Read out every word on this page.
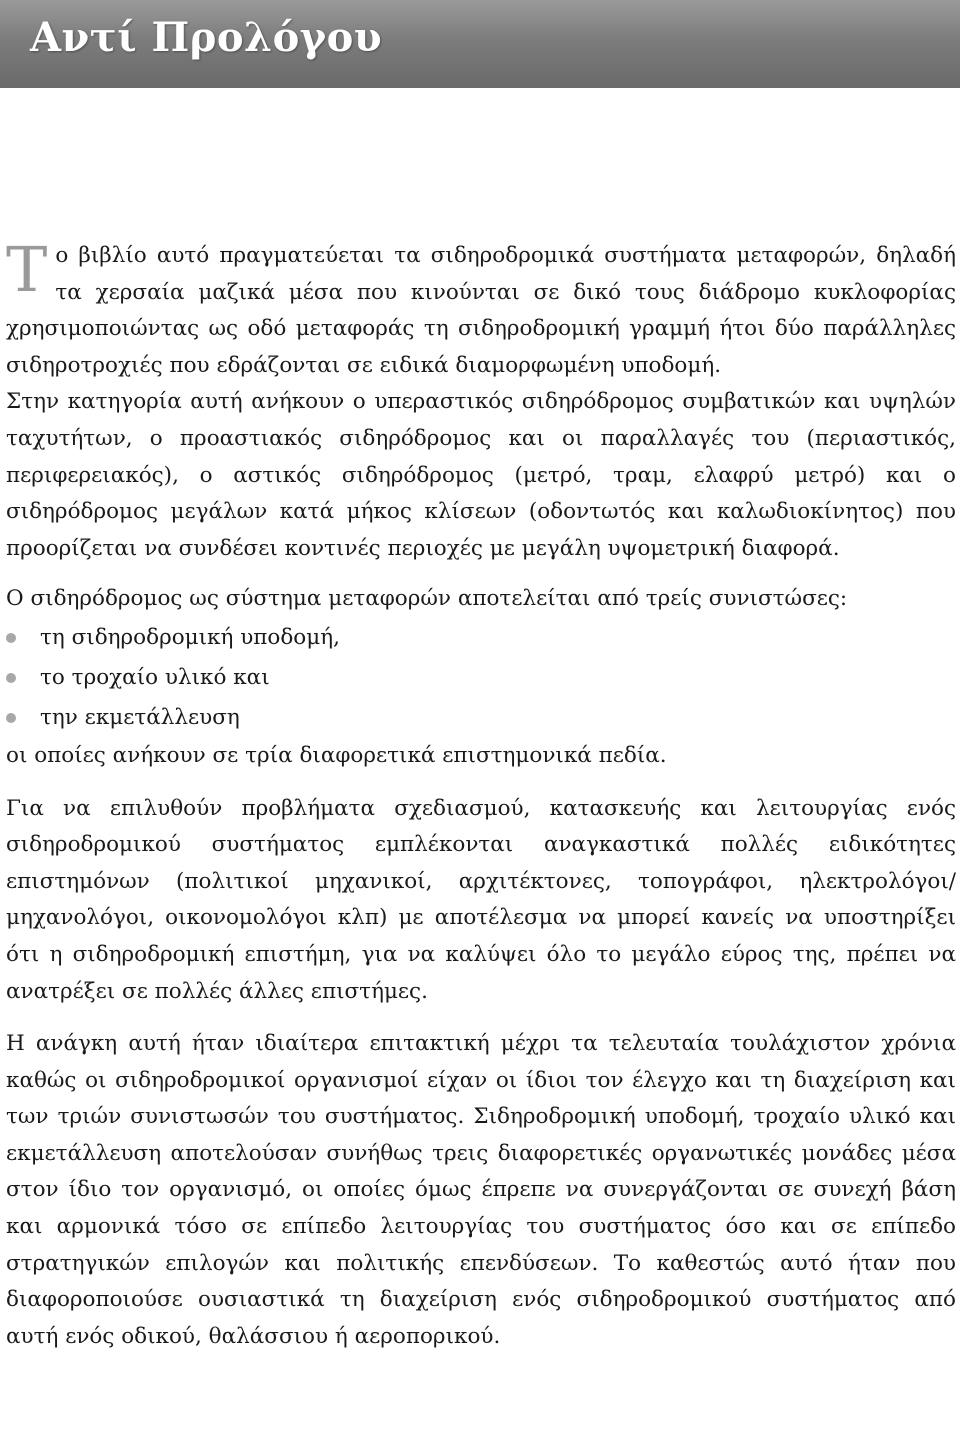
Αντί Προλόγου

Το βιβλίο αυτό πραγματεύεται τα σιδηροδρομικά συστήματα μεταφορών, δηλαδή τα χερσαία μαζικά μέσα που κινούνται σε δικό τους διάδρομο κυκλοφορίας χρησιμοποιώντας ως οδό μεταφοράς τη σιδηροδρομική γραμμή ήτοι δύο παράλληλες σιδηροτροχιές που εδράζονται σε ειδικά διαμορφωμένη υποδομή.

Στην κατηγορία αυτή ανήκουν ο υπεραστικός σιδηρόδρομος συμβατικών και υψηλών ταχυτήτων, ο προαστιακός σιδηρόδρομος και οι παραλλαγές του (περιαστικός, περιφερειακός), ο αστικός σιδηρόδρομος (μετρό, τραμ, ελαφρύ μετρό) και ο σιδηρόδρομος μεγάλων κατά μήκος κλίσεων (οδοντωτός και καλωδιοκίνητος) που προορίζεται να συνδέσει κοντινές περιοχές με μεγάλη υψομετρική διαφορά.

Ο σιδηρόδρομος ως σύστημα μεταφορών αποτελείται από τρείς συνιστώσες:

τη σιδηροδρομική υποδομή,
το τροχαίο υλικό και
την εκμετάλλευση

οι οποίες ανήκουν σε τρία διαφορετικά επιστημονικά πεδία.

Για να επιλυθούν προβλήματα σχεδιασμού, κατασκευής και λειτουργίας ενός σιδηροδρομικού συστήματος εμπλέκονται αναγκαστικά πολλές ειδικότητες επιστημόνων (πολιτικοί μηχανικοί, αρχιτέκτονες, τοπογράφοι, ηλεκτρολόγοι/μηχανολόγοι, οικονομολόγοι κλπ) με αποτέλεσμα να μπορεί κανείς να υποστηρίξει ότι η σιδηροδρομική επιστήμη, για να καλύψει όλο το μεγάλο εύρος της, πρέπει να ανατρέξει σε πολλές άλλες επιστήμες.

Η ανάγκη αυτή ήταν ιδιαίτερα επιτακτική μέχρι τα τελευταία τουλάχιστον χρόνια καθώς οι σιδηροδρομικοί οργανισμοί είχαν οι ίδιοι τον έλεγχο και τη διαχείριση και των τριών συνιστωσών του συστήματος. Σιδηροδρομική υποδομή, τροχαίο υλικό και εκμετάλλευση αποτελούσαν συνήθως τρεις διαφορετικές οργανωτικές μονάδες μέσα στον ίδιο τον οργανισμό, οι οποίες όμως έπρεπε να συνεργάζονται σε συνεχή βάση και αρμονικά τόσο σε επίπεδο λειτουργίας του συστήματος όσο και σε επίπεδο στρατηγικών επιλογών και πολιτικής επενδύσεων. Το καθεστώς αυτό ήταν που διαφοροποιούσε ουσιαστικά τη διαχείριση ενός σιδηροδρομικού συστήματος από αυτή ενός οδικού, θαλάσσιου ή αεροπορικού.
